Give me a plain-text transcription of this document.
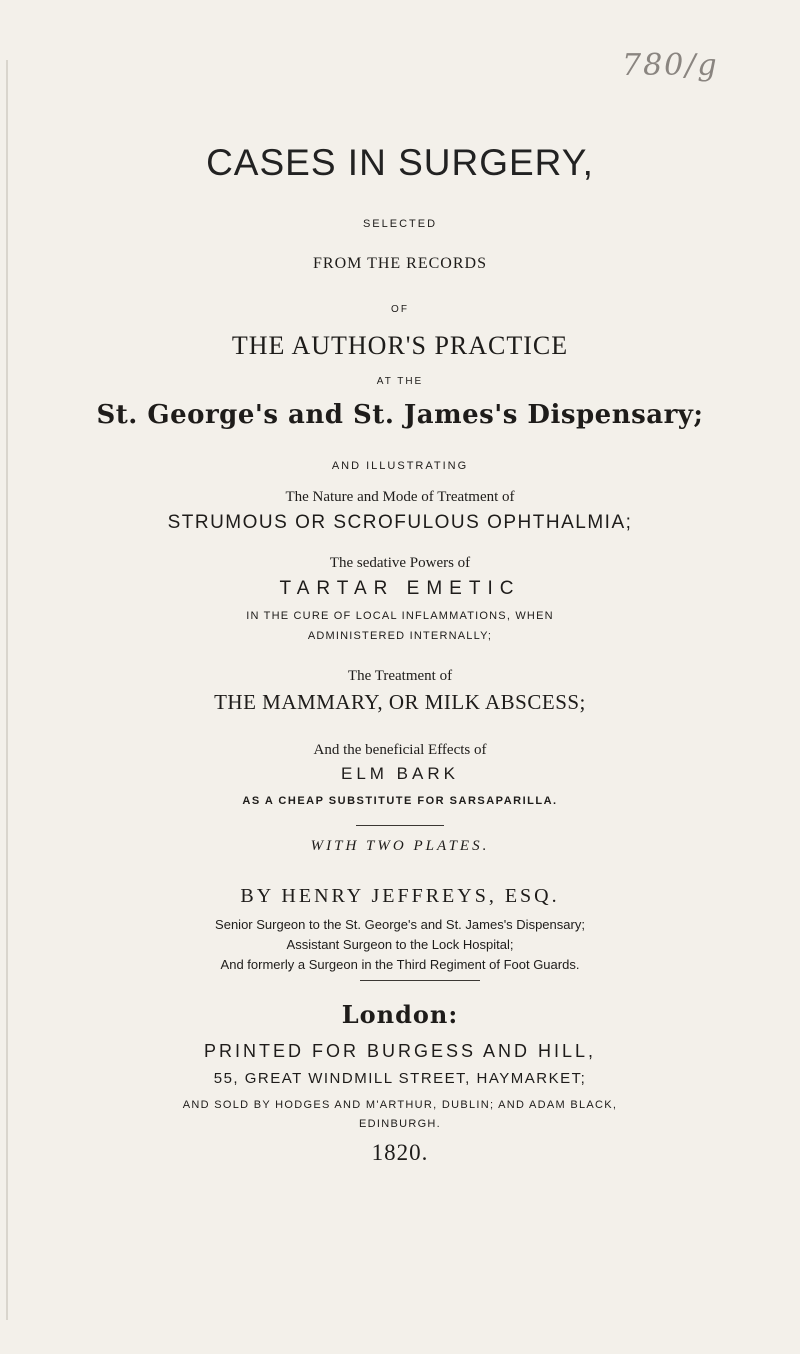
780/g
CASES IN SURGERY,
SELECTED
FROM THE RECORDS
OF
THE AUTHOR'S PRACTICE
AT THE
St. George's and St. James's Dispensary;
AND ILLUSTRATING
The Nature and Mode of Treatment of
STRUMOUS OR SCROFULOUS OPHTHALMIA;
The sedative Powers of
TARTAR EMETIC
IN THE CURE OF LOCAL INFLAMMATIONS, WHEN
ADMINISTERED INTERNALLY;
The Treatment of
THE MAMMARY, OR MILK ABSCESS;
And the beneficial Effects of
ELM BARK
AS A CHEAP SUBSTITUTE FOR SARSAPARILLA.
WITH TWO PLATES.
BY HENRY JEFFREYS, ESQ.
Senior Surgeon to the St. George's and St. James's Dispensary;
Assistant Surgeon to the Lock Hospital;
And formerly a Surgeon in the Third Regiment of Foot Guards.
London:
PRINTED FOR BURGESS AND HILL,
55, GREAT WINDMILL STREET, HAYMARKET;
AND SOLD BY HODGES AND M'ARTHUR, DUBLIN; AND ADAM BLACK,
EDINBURGH.
1820.
